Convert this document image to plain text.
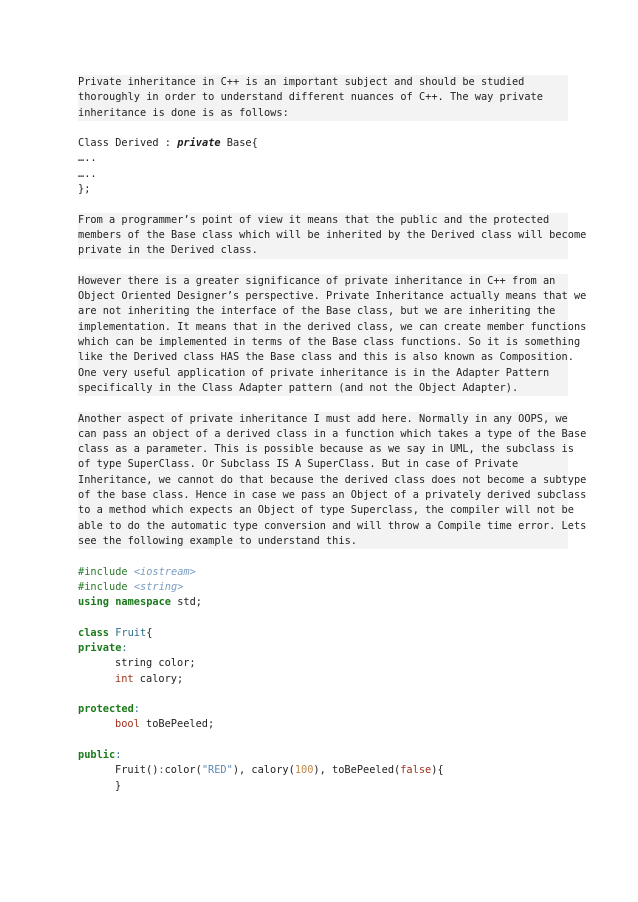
Private inheritance in C++ is an important subject and should be studied
thoroughly in order to understand different nuances of C++. The way private
inheritance is done is as follows:
Class Derived : private Base{
…..
…..
};
From a programmer’s point of view it means that the public and the protected
members of the Base class which will be inherited by the Derived class will become
private in the Derived class.
However there is a greater significance of private inheritance in C++ from an
Object Oriented Designer’s perspective. Private Inheritance actually means that we
are not inheriting the interface of the Base class, but we are inheriting the
implementation. It means that in the derived class, we can create member functions
which can be implemented in terms of the Base class functions. So it is something
like the Derived class HAS the Base class and this is also known as Composition.
One very useful application of private inheritance is in the Adapter Pattern
specifically in the Class Adapter pattern (and not the Object Adapter).
Another aspect of private inheritance I must add here. Normally in any OOPS, we
can pass an object of a derived class in a function which takes a type of the Base
class as a parameter. This is possible because as we say in UML, the subclass is
of type SuperClass. Or Subclass IS A SuperClass. But in case of Private
Inheritance, we cannot do that because the derived class does not become a subtype
of the base class. Hence in case we pass an Object of a privately derived subclass
to a method which expects an Object of type Superclass, the compiler will not be
able to do the automatic type conversion and will throw a Compile time error. Lets
see the following example to understand this.
#include <iostream>
#include <string>
using namespace std;
class Fruit{
private:
string color;
int calory;
protected:
bool toBePeeled;
public:
Fruit():color("RED"), calory(100), toBePeeled(false){
}
